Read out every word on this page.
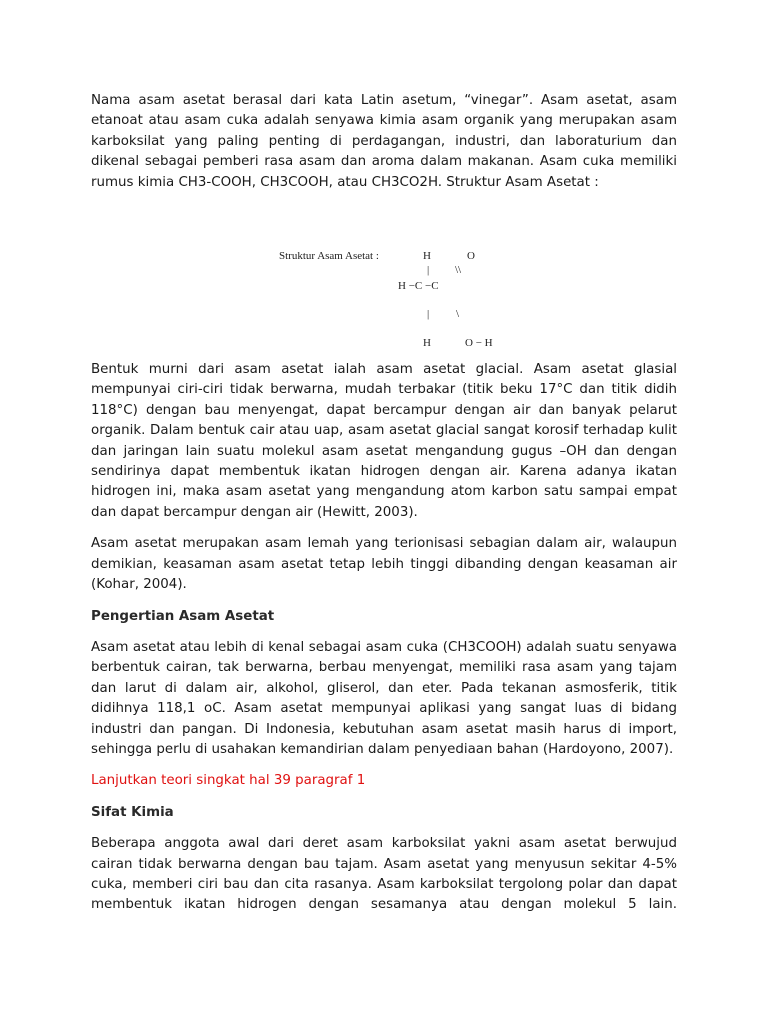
Nama asam asetat berasal dari kata Latin asetum, “vinegar”. Asam asetat, asam etanoat atau asam cuka adalah senyawa kimia asam organik yang merupakan asam karboksilat yang paling penting di perdagangan, industri, dan laboraturium dan dikenal sebagai pemberi rasa asam dan aroma dalam makanan. Asam cuka memiliki rumus kimia CH3-COOH, CH3COOH, atau CH3CO2H. Struktur Asam Asetat :

Struktur Asam Asetat :	H	O
| \\
H −C −C
| \
H	O − H

Bentuk murni dari asam asetat ialah asam asetat glacial. Asam asetat glasial mempunyai ciri-ciri tidak berwarna, mudah terbakar (titik beku 17°C dan titik didih 118°C) dengan bau menyengat, dapat bercampur dengan air dan banyak pelarut organik. Dalam bentuk cair atau uap, asam asetat glacial sangat korosif terhadap kulit dan jaringan lain suatu molekul asam asetat mengandung gugus –OH dan dengan sendirinya dapat membentuk ikatan hidrogen dengan air. Karena adanya ikatan hidrogen ini, maka asam asetat yang mengandung atom karbon satu sampai empat dan dapat bercampur dengan air (Hewitt, 2003).

Asam asetat merupakan asam lemah yang terionisasi sebagian dalam air, walaupun demikian, keasaman asam asetat tetap lebih tinggi dibanding dengan keasaman air (Kohar, 2004).

Pengertian Asam Asetat

Asam asetat atau lebih di kenal sebagai asam cuka (CH3COOH) adalah suatu senyawa berbentuk cairan, tak berwarna, berbau menyengat, memiliki rasa asam yang tajam dan larut di dalam air, alkohol, gliserol, dan eter. Pada tekanan asmosferik, titik didihnya 118,1 oC. Asam asetat mempunyai aplikasi yang sangat luas di bidang industri dan pangan. Di Indonesia, kebutuhan asam asetat masih harus di import, sehingga perlu di usahakan kemandirian dalam penyediaan bahan (Hardoyono, 2007).

Lanjutkan teori singkat hal 39 paragraf 1
Sifat Kimia

Beberapa anggota awal dari deret asam karboksilat yakni asam asetat berwujud cairan tidak berwarna dengan bau tajam. Asam asetat yang menyusun sekitar 4-5% cuka, memberi ciri bau dan cita rasanya. Asam karboksilat tergolong polar dan dapat membentuk ikatan hidrogen dengan sesamanya atau dengan molekul 5 lain.
